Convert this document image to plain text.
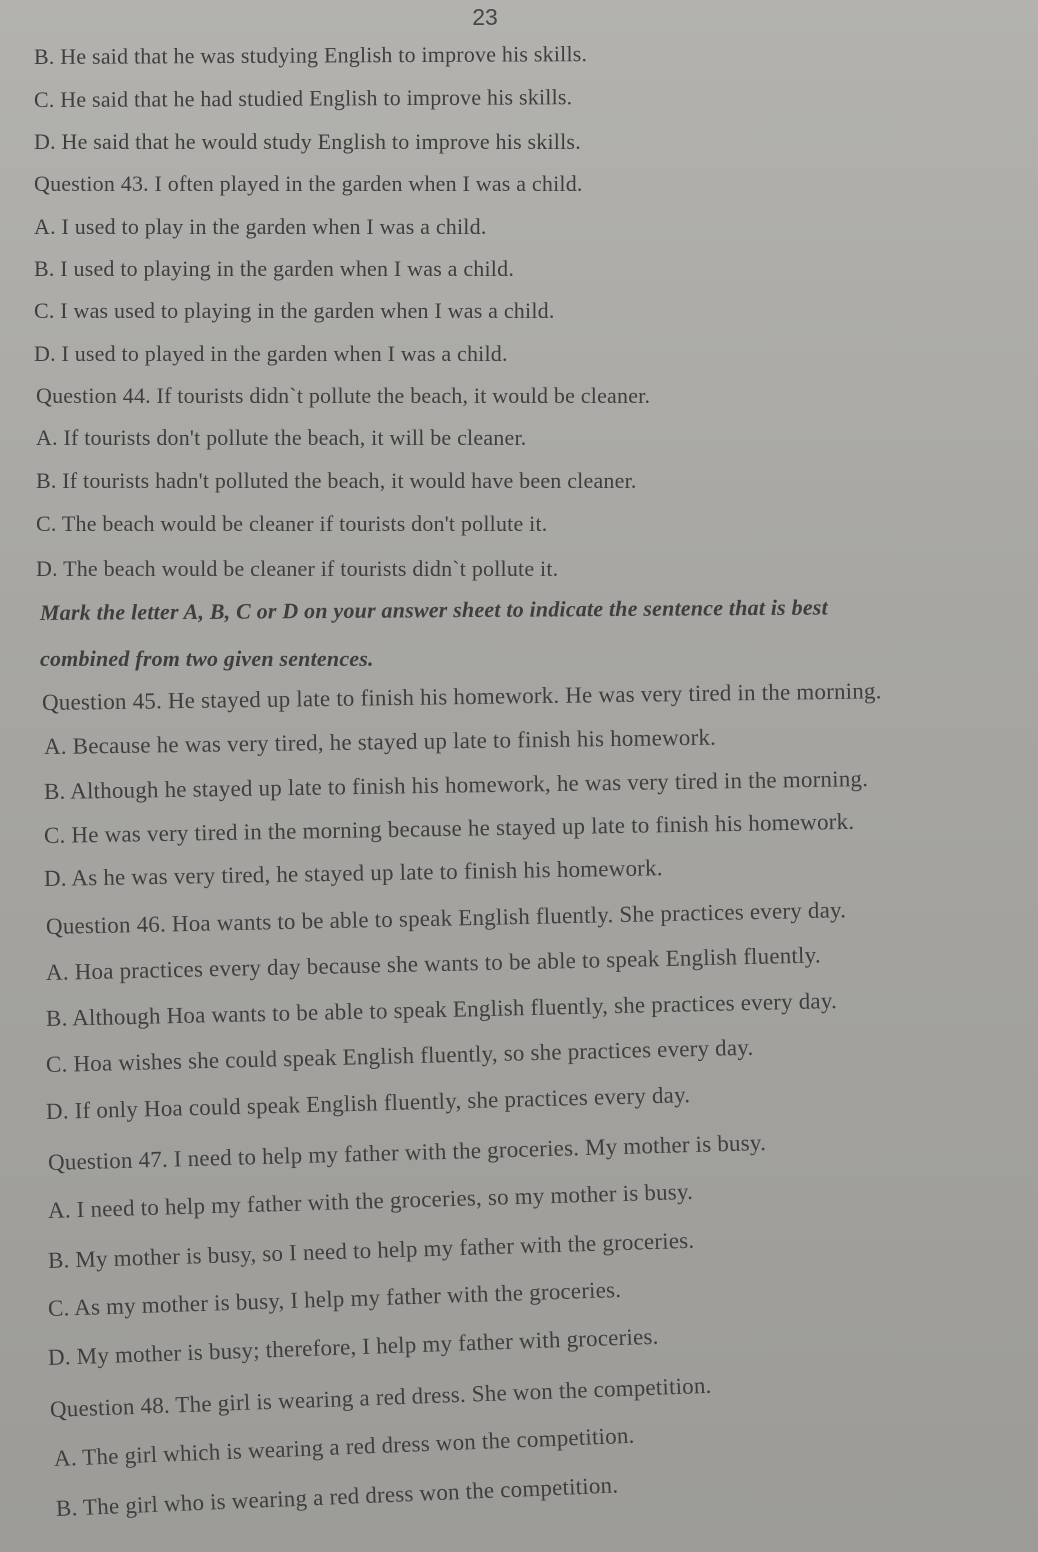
23
B. He said that he was studying English to improve his skills.
C. He said that he had studied English to improve his skills.
D. He said that he would study English to improve his skills.
Question 43. I often played in the garden when I was a child.
A. I used to play in the garden when I was a child.
B. I used to playing in the garden when I was a child.
C. I was used to playing in the garden when I was a child.
D. I used to played in the garden when I was a child.
Question 44. If tourists didn`t pollute the beach, it would be cleaner.
A. If tourists don't pollute the beach, it will be cleaner.
B. If tourists hadn't polluted the beach, it would have been cleaner.
C. The beach would be cleaner if tourists don't pollute it.
D. The beach would be cleaner if tourists didn`t pollute it.
Mark the letter A, B, C or D on your answer sheet to indicate the sentence that is best
combined from two given sentences.
Question 45. He stayed up late to finish his homework. He was very tired in the morning.
A. Because he was very tired, he stayed up late to finish his homework.
B. Although he stayed up late to finish his homework, he was very tired in the morning.
C. He was very tired in the morning because he stayed up late to finish his homework.
D. As he was very tired, he stayed up late to finish his homework.
Question 46. Hoa wants to be able to speak English fluently. She practices every day.
A. Hoa practices every day because she wants to be able to speak English fluently.
B. Although Hoa wants to be able to speak English fluently, she practices every day.
C. Hoa wishes she could speak English fluently, so she practices every day.
D. If only Hoa could speak English fluently, she practices every day.
Question 47. I need to help my father with the groceries. My mother is busy.
A. I need to help my father with the groceries, so my mother is busy.
B. My mother is busy, so I need to help my father with the groceries.
C. As my mother is busy, I help my father with the groceries.
D. My mother is busy; therefore, I help my father with groceries.
Question 48. The girl is wearing a red dress. She won the competition.
A. The girl which is wearing a red dress won the competition.
B. The girl who is wearing a red dress won the competition.
